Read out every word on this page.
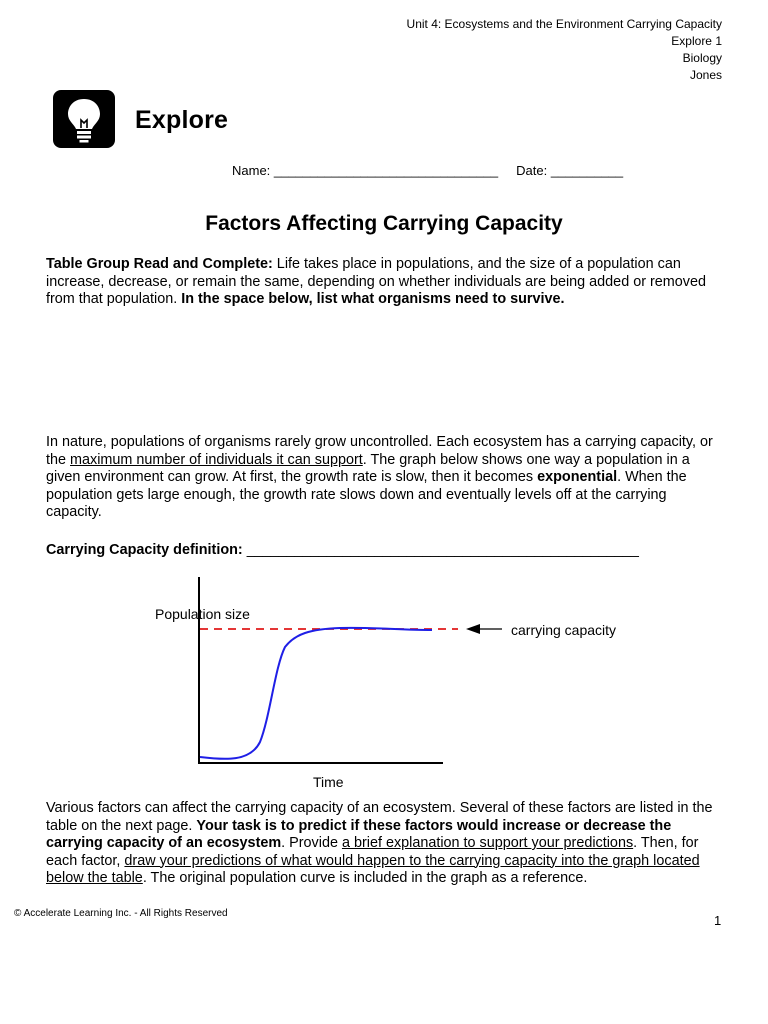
Unit 4: Ecosystems and the Environment Carrying Capacity
Explore 1
Biology
Jones
Explore
Name: _______________________________ Date: __________
Factors Affecting Carrying Capacity
Table Group Read and Complete: Life takes place in populations, and the size of a population can increase, decrease, or remain the same, depending on whether individuals are being added or removed from that population. In the space below, list what organisms need to survive.
In nature, populations of organisms rarely grow uncontrolled. Each ecosystem has a carrying capacity, or the maximum number of individuals it can support. The graph below shows one way a population in a given environment can grow. At first, the growth rate is slow, then it becomes exponential. When the population gets large enough, the growth rate slows down and eventually levels off at the carrying capacity.
Carrying Capacity definition: _________________________________________________
Population size
Time
carrying capacity
Various factors can affect the carrying capacity of an ecosystem. Several of these factors are listed in the table on the next page. Your task is to predict if these factors would increase or decrease the carrying capacity of an ecosystem. Provide a brief explanation to support your predictions. Then, for each factor, draw your predictions of what would happen to the carrying capacity into the graph located below the table. The original population curve is included in the graph as a reference.
© Accelerate Learning Inc. - All Rights Reserved	1
